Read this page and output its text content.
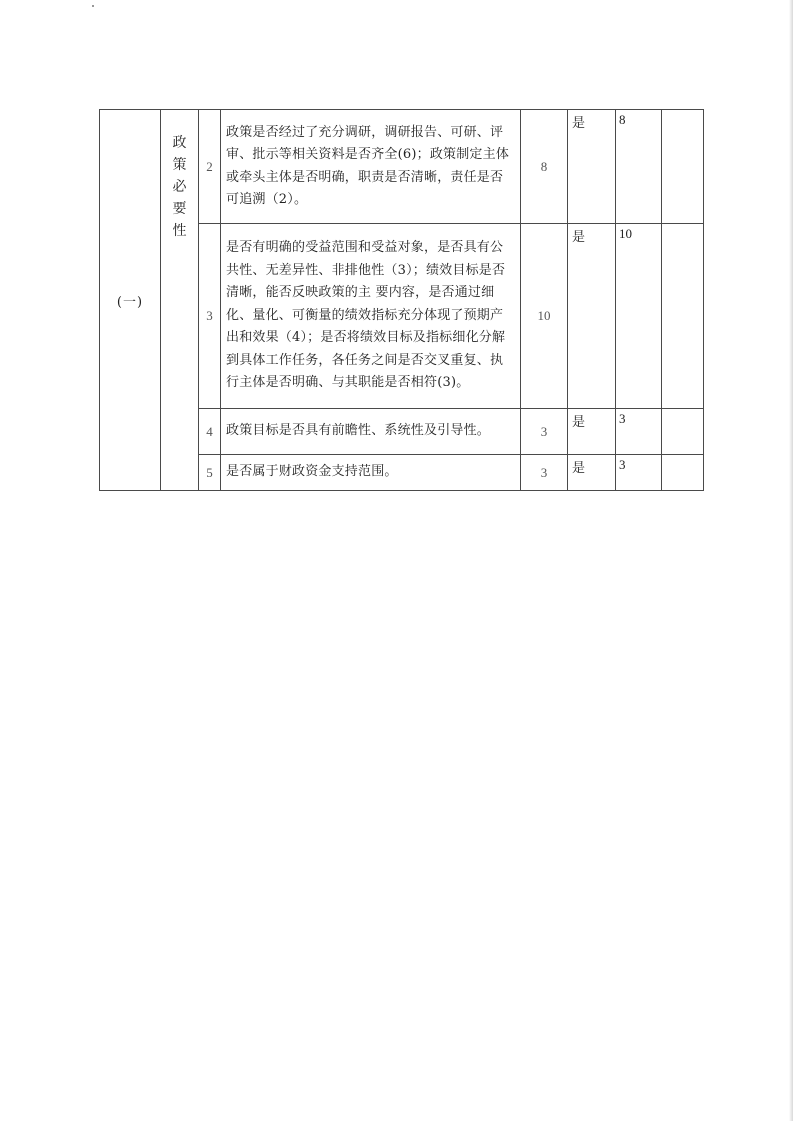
(一)	政策必要性	2	政策是否经过了充分调研，调研报告、可研、评审、批示等相关资料是否齐全(6)；政策制定主体或牵头主体是否明确，职责是否清晰，责任是否可追溯（2）。	8	是	8	
		3	是否有明确的受益范围和受益对象，是否具有公共性、无差异性、非排他性（3）；绩效目标是否清晰，能否反映政策的主 要内容，是否通过细化、量化、可衡量的绩效指标充分体现了预期产出和效果（4）；是否将绩效目标及指标细化分解到具体工作任务，各任务之间是否交叉重复、执行主体是否明确、与其职能是否相符(3)。	10	是	10	
		4	政策目标是否具有前瞻性、系统性及引导性。	3	是	3	
		5	是否属于财政资金支持范围。	3	是	3	
